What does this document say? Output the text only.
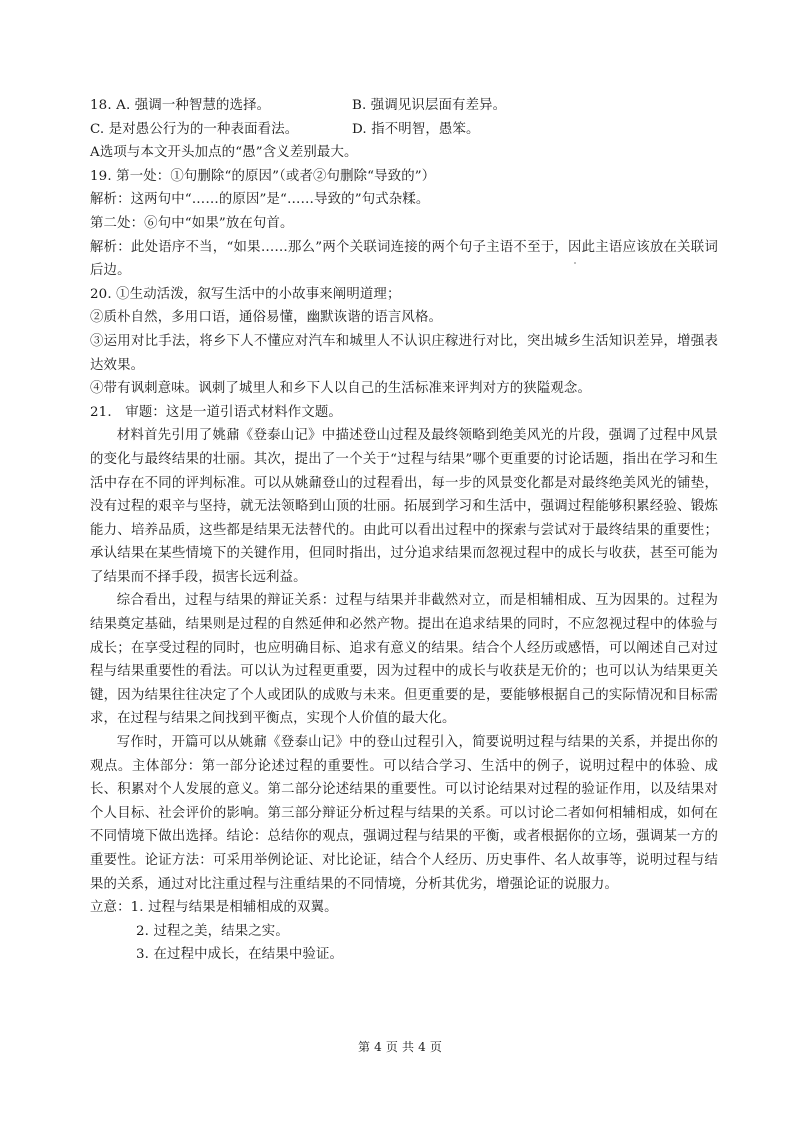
18. A. 强调一种智慧的选择。	B. 强调见识层面有差异。
C. 是对愚公行为的一种表面看法。	D. 指不明智，愚笨。
A选项与本文开头加点的“愚”含义差别最大。
19. 第一处：①句删除“的原因”（或者②句删除“导致的”）
解析：这两句中“……的原因”是“……导致的”句式杂糅。
第二处：⑥句中“如果”放在句首。
解析：此处语序不当，“如果……那么”两个关联词连接的两个句子主语不至于，因此主语应该放在关联词后边。
20. ①生动活泼，叙写生活中的小故事来阐明道理；
②质朴自然，多用口语，通俗易懂，幽默诙谐的语言风格。
③运用对比手法，将乡下人不懂应对汽车和城里人不认识庄稼进行对比，突出城乡生活知识差异，增强表达效果。
④带有讽刺意味。讽刺了城里人和乡下人以自己的生活标准来评判对方的狭隘观念。
21.　审题：这是一道引语式材料作文题。
材料首先引用了姚鼐《登泰山记》中描述登山过程及最终领略到绝美风光的片段，强调了过程中风景的变化与最终结果的壮丽。其次，提出了一个关于“过程与结果”哪个更重要的讨论话题，指出在学习和生活中存在不同的评判标准。可以从姚鼐登山的过程看出，每一步的风景变化都是对最终绝美风光的铺垫，没有过程的艰辛与坚持，就无法领略到山顶的壮丽。拓展到学习和生活中，强调过程能够积累经验、锻炼能力、培养品质，这些都是结果无法替代的。由此可以看出过程中的探索与尝试对于最终结果的重要性；承认结果在某些情境下的关键作用，但同时指出，过分追求结果而忽视过程中的成长与收获，甚至可能为了结果而不择手段，损害长远利益。
综合看出，过程与结果的辩证关系：过程与结果并非截然对立，而是相辅相成、互为因果的。过程为结果奠定基础，结果则是过程的自然延伸和必然产物。提出在追求结果的同时，不应忽视过程中的体验与成长；在享受过程的同时，也应明确目标、追求有意义的结果。结合个人经历或感悟，可以阐述自己对过程与结果重要性的看法。可以认为过程更重要，因为过程中的成长与收获是无价的；也可以认为结果更关键，因为结果往往决定了个人或团队的成败与未来。但更重要的是，要能够根据自己的实际情况和目标需求，在过程与结果之间找到平衡点，实现个人价值的最大化。
写作时，开篇可以从姚鼐《登泰山记》中的登山过程引入，简要说明过程与结果的关系，并提出你的观点。主体部分：第一部分论述过程的重要性。可以结合学习、生活中的例子，说明过程中的体验、成长、积累对个人发展的意义。第二部分论述结果的重要性。可以讨论结果对过程的验证作用，以及结果对个人目标、社会评价的影响。第三部分辩证分析过程与结果的关系。可以讨论二者如何相辅相成，如何在不同情境下做出选择。结论：总结你的观点，强调过程与结果的平衡，或者根据你的立场，强调某一方的重要性。论证方法：可采用举例论证、对比论证，结合个人经历、历史事件、名人故事等，说明过程与结果的关系，通过对比注重过程与注重结果的不同情境，分析其优劣，增强论证的说服力。
立意：1. 过程与结果是相辅相成的双翼。
2. 过程之美，结果之实。
3. 在过程中成长，在结果中验证。
第 4 页 共 4 页
